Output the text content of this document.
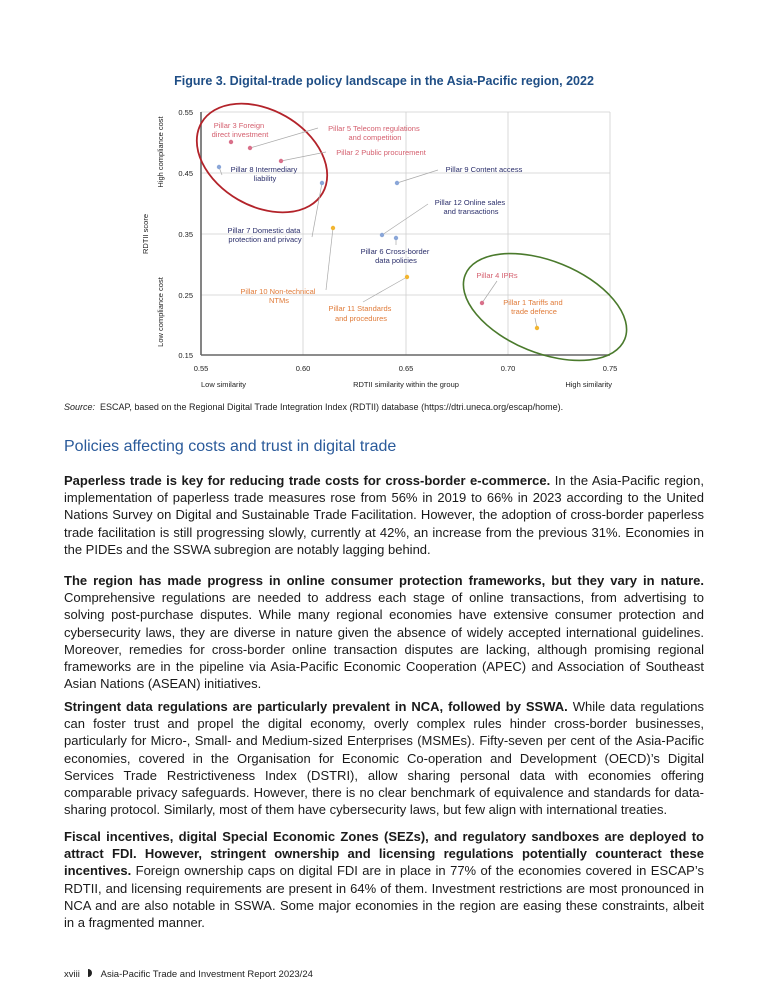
Figure 3. Digital-trade policy landscape in the Asia-Pacific region, 2022
0.55
0.45
0.35
0.25
0.15
0.55	0.60	0.65	0.70	0.75
Low similarity	RDTII similarity within the group	High similarity
High compliance cost
RDTII score
Low compliance cost
Pillar 3 Foreign direct investment
Pillar 5 Telecom regulations and competition
Pillar 2 Public procurement
Pillar 8 Intermediary liability
Pillar 9 Content access
Pillar 12 Online sales and transactions
Pillar 7 Domestic data protection and privacy
Pillar 6 Cross-border data policies
Pillar 10 Non-technical NTMs
Pillar 11 Standards and procedures
Pillar 4 IPRs
Pillar 1 Tariffs and trade defence
Source: ESCAP, based on the Regional Digital Trade Integration Index (RDTII) database (https://dtri.uneca.org/escap/home).
Policies affecting costs and trust in digital trade

Paperless trade is key for reducing trade costs for cross-border e-commerce. In the Asia-Pacific region, implementation of paperless trade measures rose from 56% in 2019 to 66% in 2023 according to the United Nations Survey on Digital and Sustainable Trade Facilitation. However, the adoption of cross-border paperless trade facilitation is still progressing slowly, currently at 42%, an increase from the previous 31%. Economies in the PIDEs and the SSWA subregion are notably lagging behind.

The region has made progress in online consumer protection frameworks, but they vary in nature. Comprehensive regulations are needed to address each stage of online transactions, from advertising to solving post-purchase disputes. While many regional economies have extensive consumer protection and cybersecurity laws, they are diverse in nature given the absence of widely accepted international guidelines. Moreover, remedies for cross-border online transaction disputes are lacking, although promising regional frameworks are in the pipeline via Asia-Pacific Economic Cooperation (APEC) and Association of Southeast Asian Nations (ASEAN) initiatives.

Stringent data regulations are particularly prevalent in NCA, followed by SSWA. While data regulations can foster trust and propel the digital economy, overly complex rules hinder cross-border businesses, particularly for Micro-, Small- and Medium-sized Enterprises (MSMEs). Fifty-seven per cent of the Asia-Pacific economies, covered in the Organisation for Economic Co-operation and Development (OECD)’s Digital Services Trade Restrictiveness Index (DSTRI), allow sharing personal data with economies offering comparable privacy safeguards. However, there is no clear benchmark of equivalence and standards for data-sharing protocol. Similarly, most of them have cybersecurity laws, but few align with international treaties.

Fiscal incentives, digital Special Economic Zones (SEZs), and regulatory sandboxes are deployed to attract FDI. However, stringent ownership and licensing regulations potentially counteract these incentives. Foreign ownership caps on digital FDI are in place in 77% of the economies covered in ESCAP’s RDTII, and licensing requirements are present in 64% of them. Investment restrictions are most pronounced in NCA and are also notable in SSWA. Some major economies in the region are easing these constraints, albeit in a fragmented manner.

xviii Asia-Pacific Trade and Investment Report 2023/24
